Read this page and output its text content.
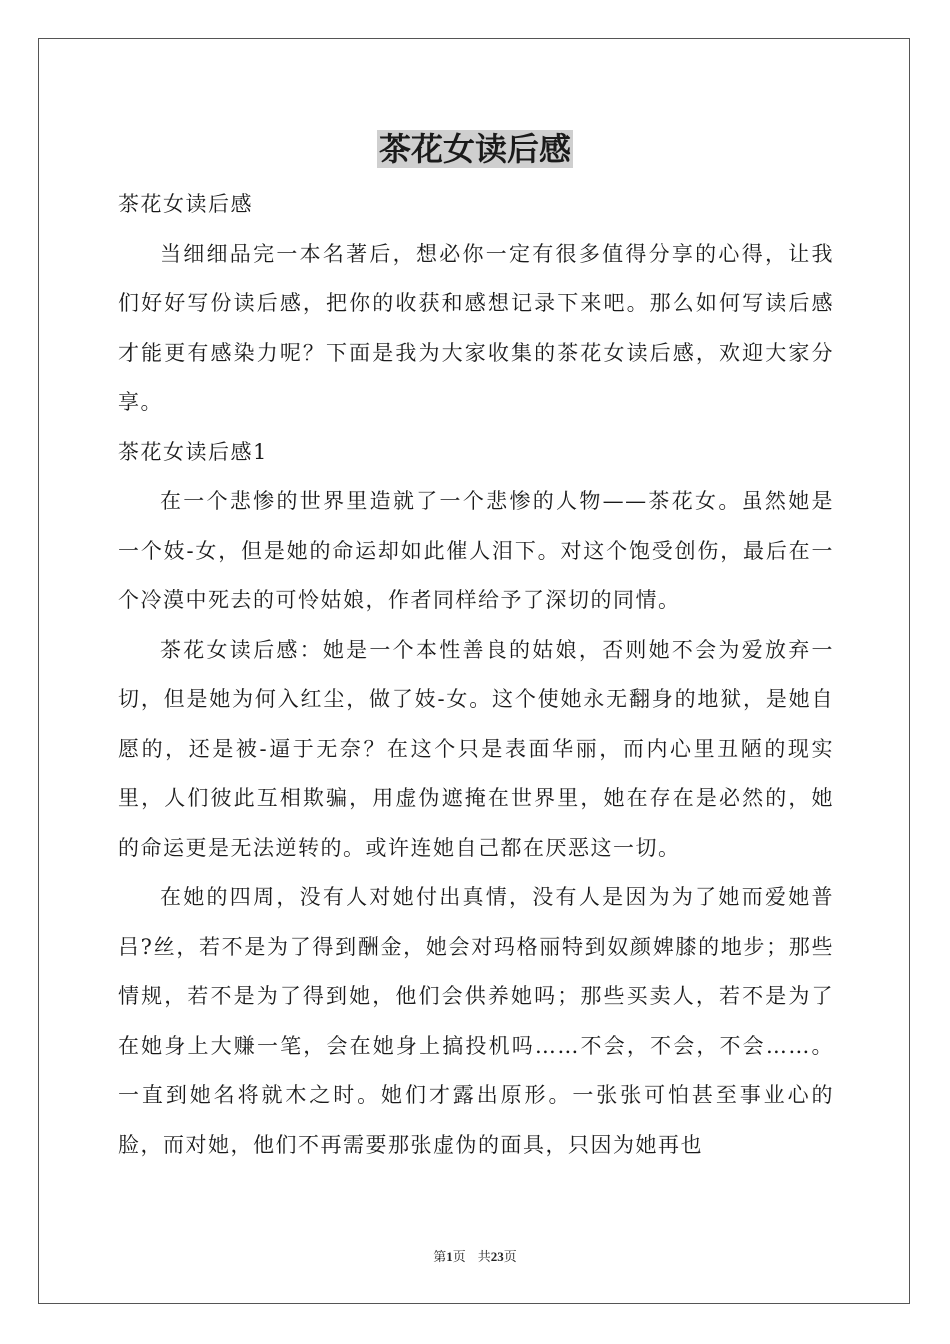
茶花女读后感

茶花女读后感

当细细品完一本名著后，想必你一定有很多值得分享的心得，让我们好好写份读后感，把你的收获和感想记录下来吧。那么如何写读后感才能更有感染力呢？下面是我为大家收集的茶花女读后感，欢迎大家分享。

茶花女读后感1

在一个悲惨的世界里造就了一个悲惨的人物——茶花女。虽然她是一个妓-女，但是她的命运却如此催人泪下。对这个饱受创伤，最后在一个冷漠中死去的可怜姑娘，作者同样给予了深切的同情。

茶花女读后感：她是一个本性善良的姑娘，否则她不会为爱放弃一切，但是她为何入红尘，做了妓-女。这个使她永无翻身的地狱，是她自愿的，还是被-逼于无奈？在这个只是表面华丽，而内心里丑陋的现实里，人们彼此互相欺骗，用虚伪遮掩在世界里，她在存在是必然的，她的命运更是无法逆转的。或许连她自己都在厌恶这一切。

在她的四周，没有人对她付出真情，没有人是因为为了她而爱她普吕?丝，若不是为了得到酬金，她会对玛格丽特到奴颜婢膝的地步；那些情规，若不是为了得到她，他们会供养她吗；那些买卖人，若不是为了在她身上大赚一笔，会在她身上搞投机吗……不会，不会，不会……。一直到她名将就木之时。她们才露出原形。一张张可怕甚至事业心的脸，而对她，他们不再需要那张虚伪的面具，只因为她再也

第1页 共23页
